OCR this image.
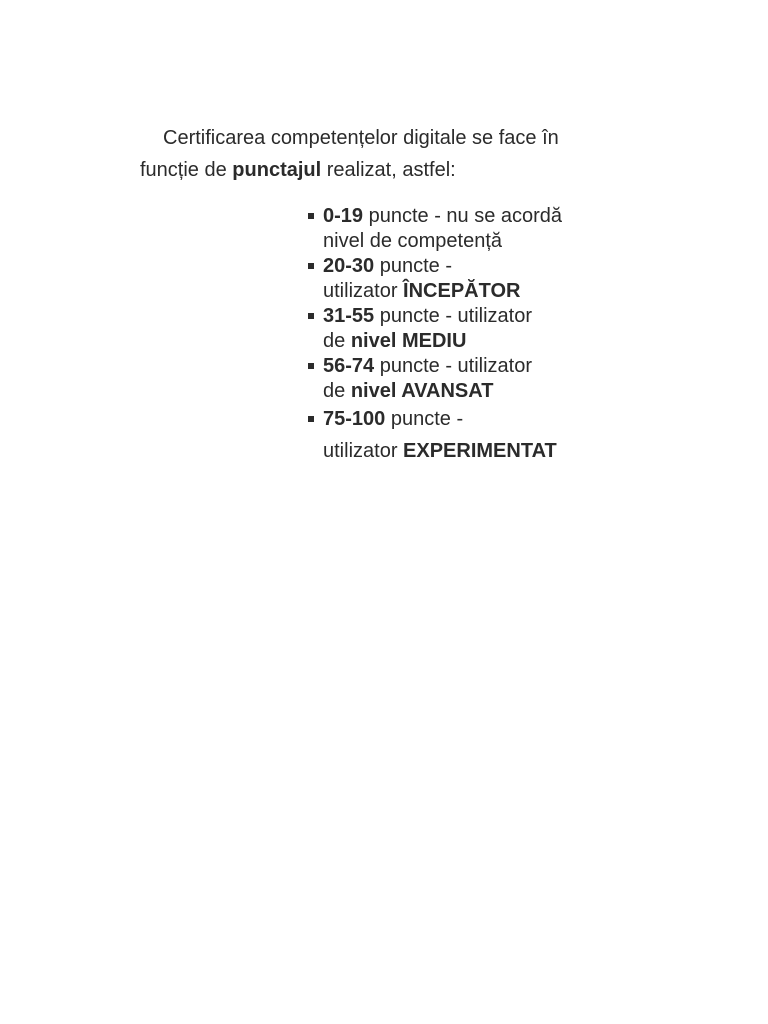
Certificarea competențelor digitale se face în
funcție de punctajul realizat, astfel:

0-19 puncte - nu se acordă
nivel de competență
20-30 puncte -
utilizator ÎNCEPĂTOR
31-55 puncte - utilizator
de nivel MEDIU
56-74 puncte - utilizator
de nivel AVANSAT
75-100 puncte -
utilizator EXPERIMENTAT
